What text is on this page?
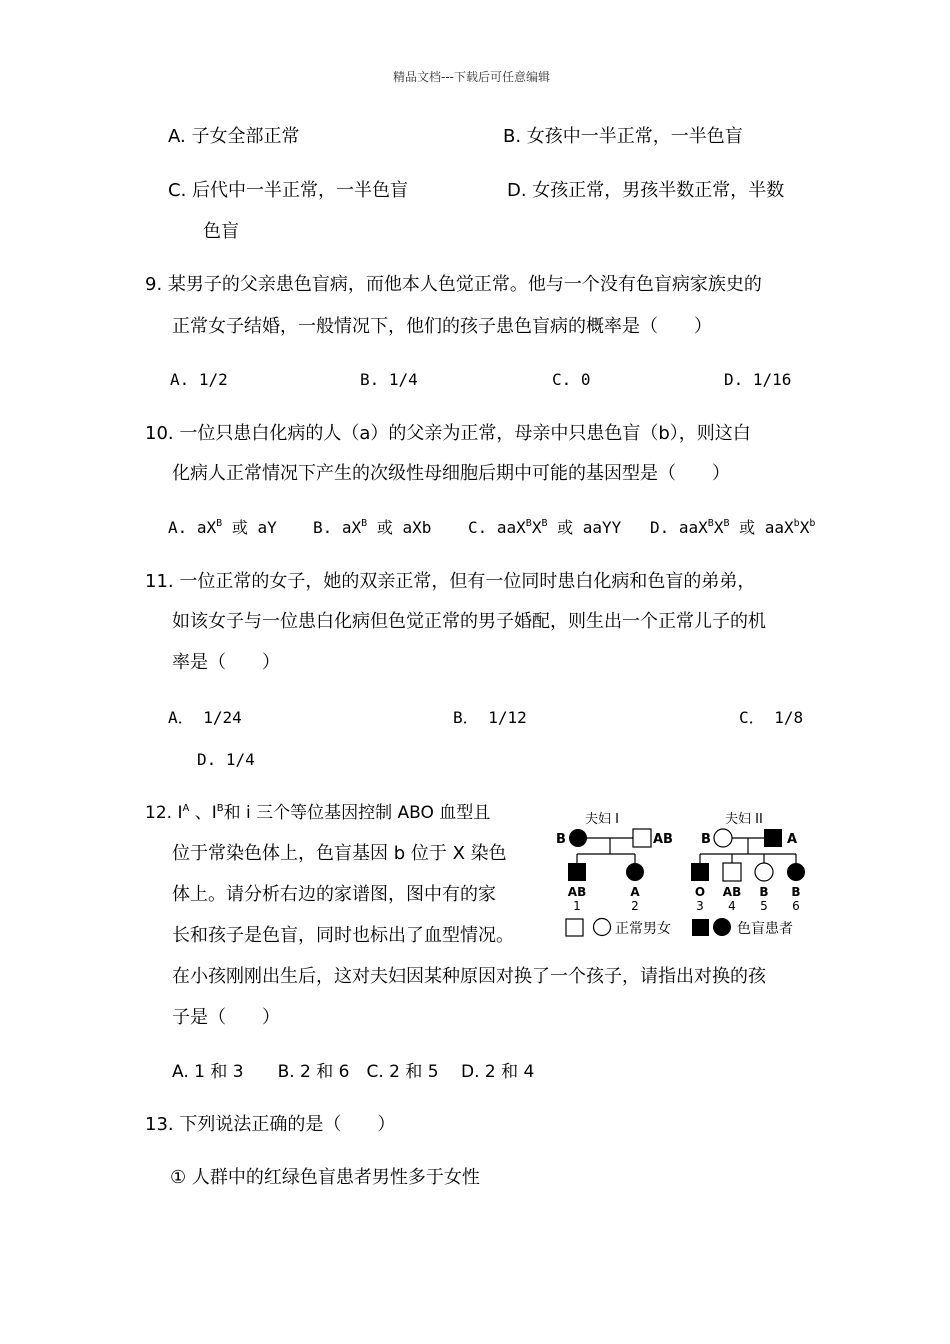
精品文档---下载后可任意编辑
A. 子女全部正常	B. 女孩中一半正常，一半色盲
C. 后代中一半正常，一半色盲	D. 女孩正常，男孩半数正常，半数
色盲
9. 某男子的父亲患色盲病，而他本人色觉正常。他与一个没有色盲病家族史的
正常女子结婚，一般情况下，他们的孩子患色盲病的概率是（　　）
A. 1/2	B. 1/4	C. 0	D. 1/16
10. 一位只患白化病的人（a）的父亲为正常，母亲中只患色盲（b），则这白
化病人正常情况下产生的次级性母细胞后期中可能的基因型是（　　）
A. $aX^B$ 或 aY B. $aX^B$ 或 aXb C. $aaX^BX^B$ 或 aaYY D. $aaX^BX^B$ 或 $aaX^bX^b$
11. 一位正常的女子，她的双亲正常，但有一位同时患白化病和色盲的弟弟，
如该女子与一位患白化病但色觉正常的男子婚配，则生出一个正常儿子的机
率是（　　）
A． 1/24	B． 1/12	C． 1/8
D. 1/4
12. $I^A$ 、$I^B$和 i 三个等位基因控制 ABO 血型且
位于常染色体上，色盲基因 b 位于 X 染色
体上。请分析右边的家谱图，图中有的家
长和孩子是色盲，同时也标出了血型情况。
在小孩刚刚出生后，这对夫妇因某种原因对换了一个孩子，请指出对换的孩
子是（　　）
A. 1 和 3　　B. 2 和 6　C. 2 和 5　 D. 2 和 4
夫妇 I	夫妇 II
B	AB B	A
AB	A	O AB B B
1	2	3 4 5 6
正常男女	色盲患者
13. 下列说法正确的是（　　）
① 人群中的红绿色盲患者男性多于女性
